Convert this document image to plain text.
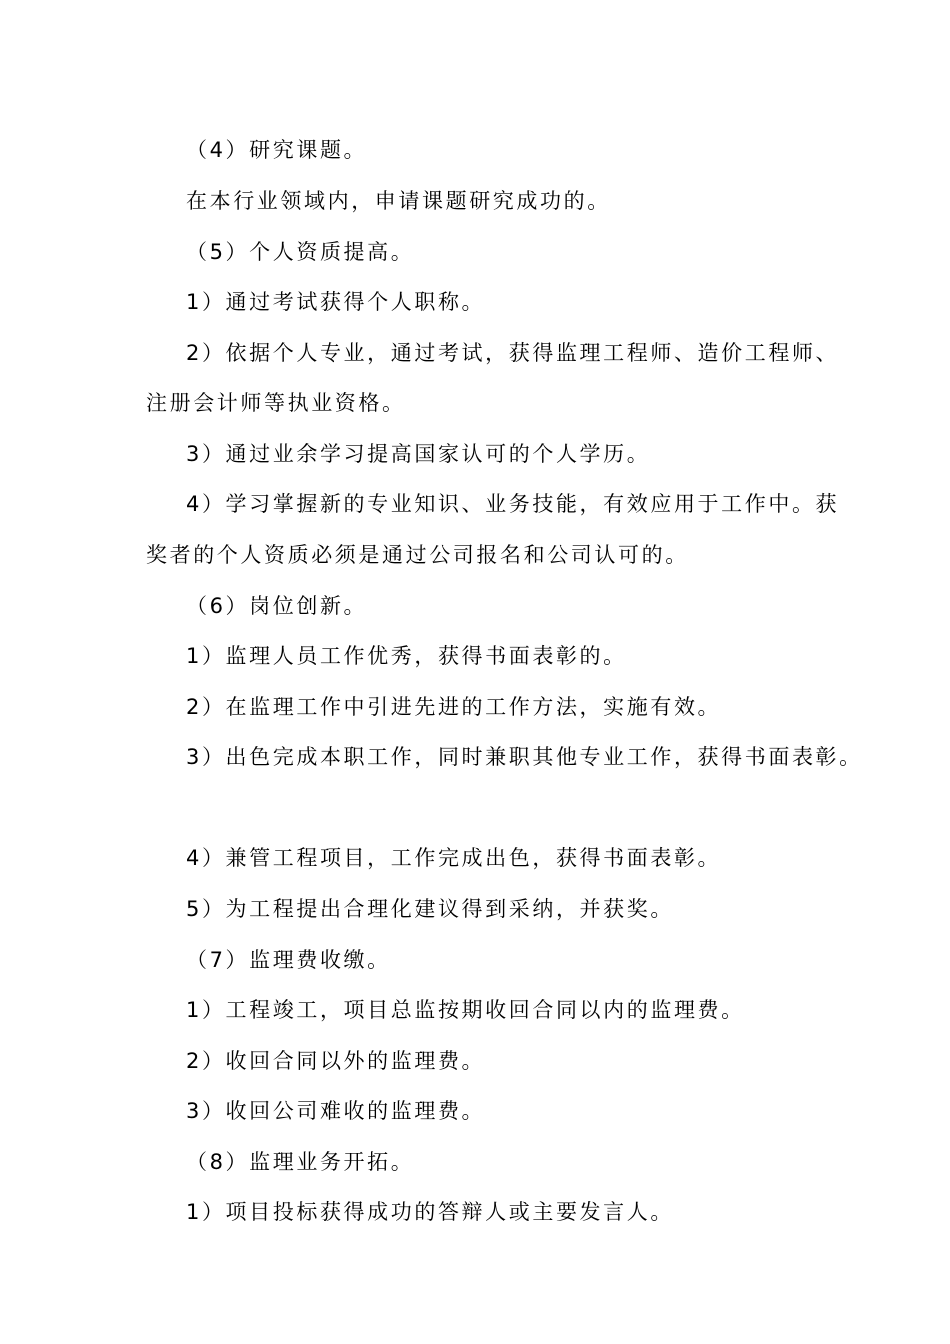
（4）研究课题。

在本行业领域内，申请课题研究成功的。

（5）个人资质提高。

1）通过考试获得个人职称。

2）依据个人专业，通过考试，获得监理工程师、造价工程师、

注册会计师等执业资格。

3）通过业余学习提高国家认可的个人学历。

4）学习掌握新的专业知识、业务技能，有效应用于工作中。获

奖者的个人资质必须是通过公司报名和公司认可的。

（6）岗位创新。

1）监理人员工作优秀，获得书面表彰的。

2）在监理工作中引进先进的工作方法，实施有效。

3）出色完成本职工作，同时兼职其他专业工作，获得书面表彰。

4）兼管工程项目，工作完成出色，获得书面表彰。

5）为工程提出合理化建议得到采纳，并获奖。

（7）监理费收缴。

1）工程竣工，项目总监按期收回合同以内的监理费。

2）收回合同以外的监理费。

3）收回公司难收的监理费。

（8）监理业务开拓。

1）项目投标获得成功的答辩人或主要发言人。
